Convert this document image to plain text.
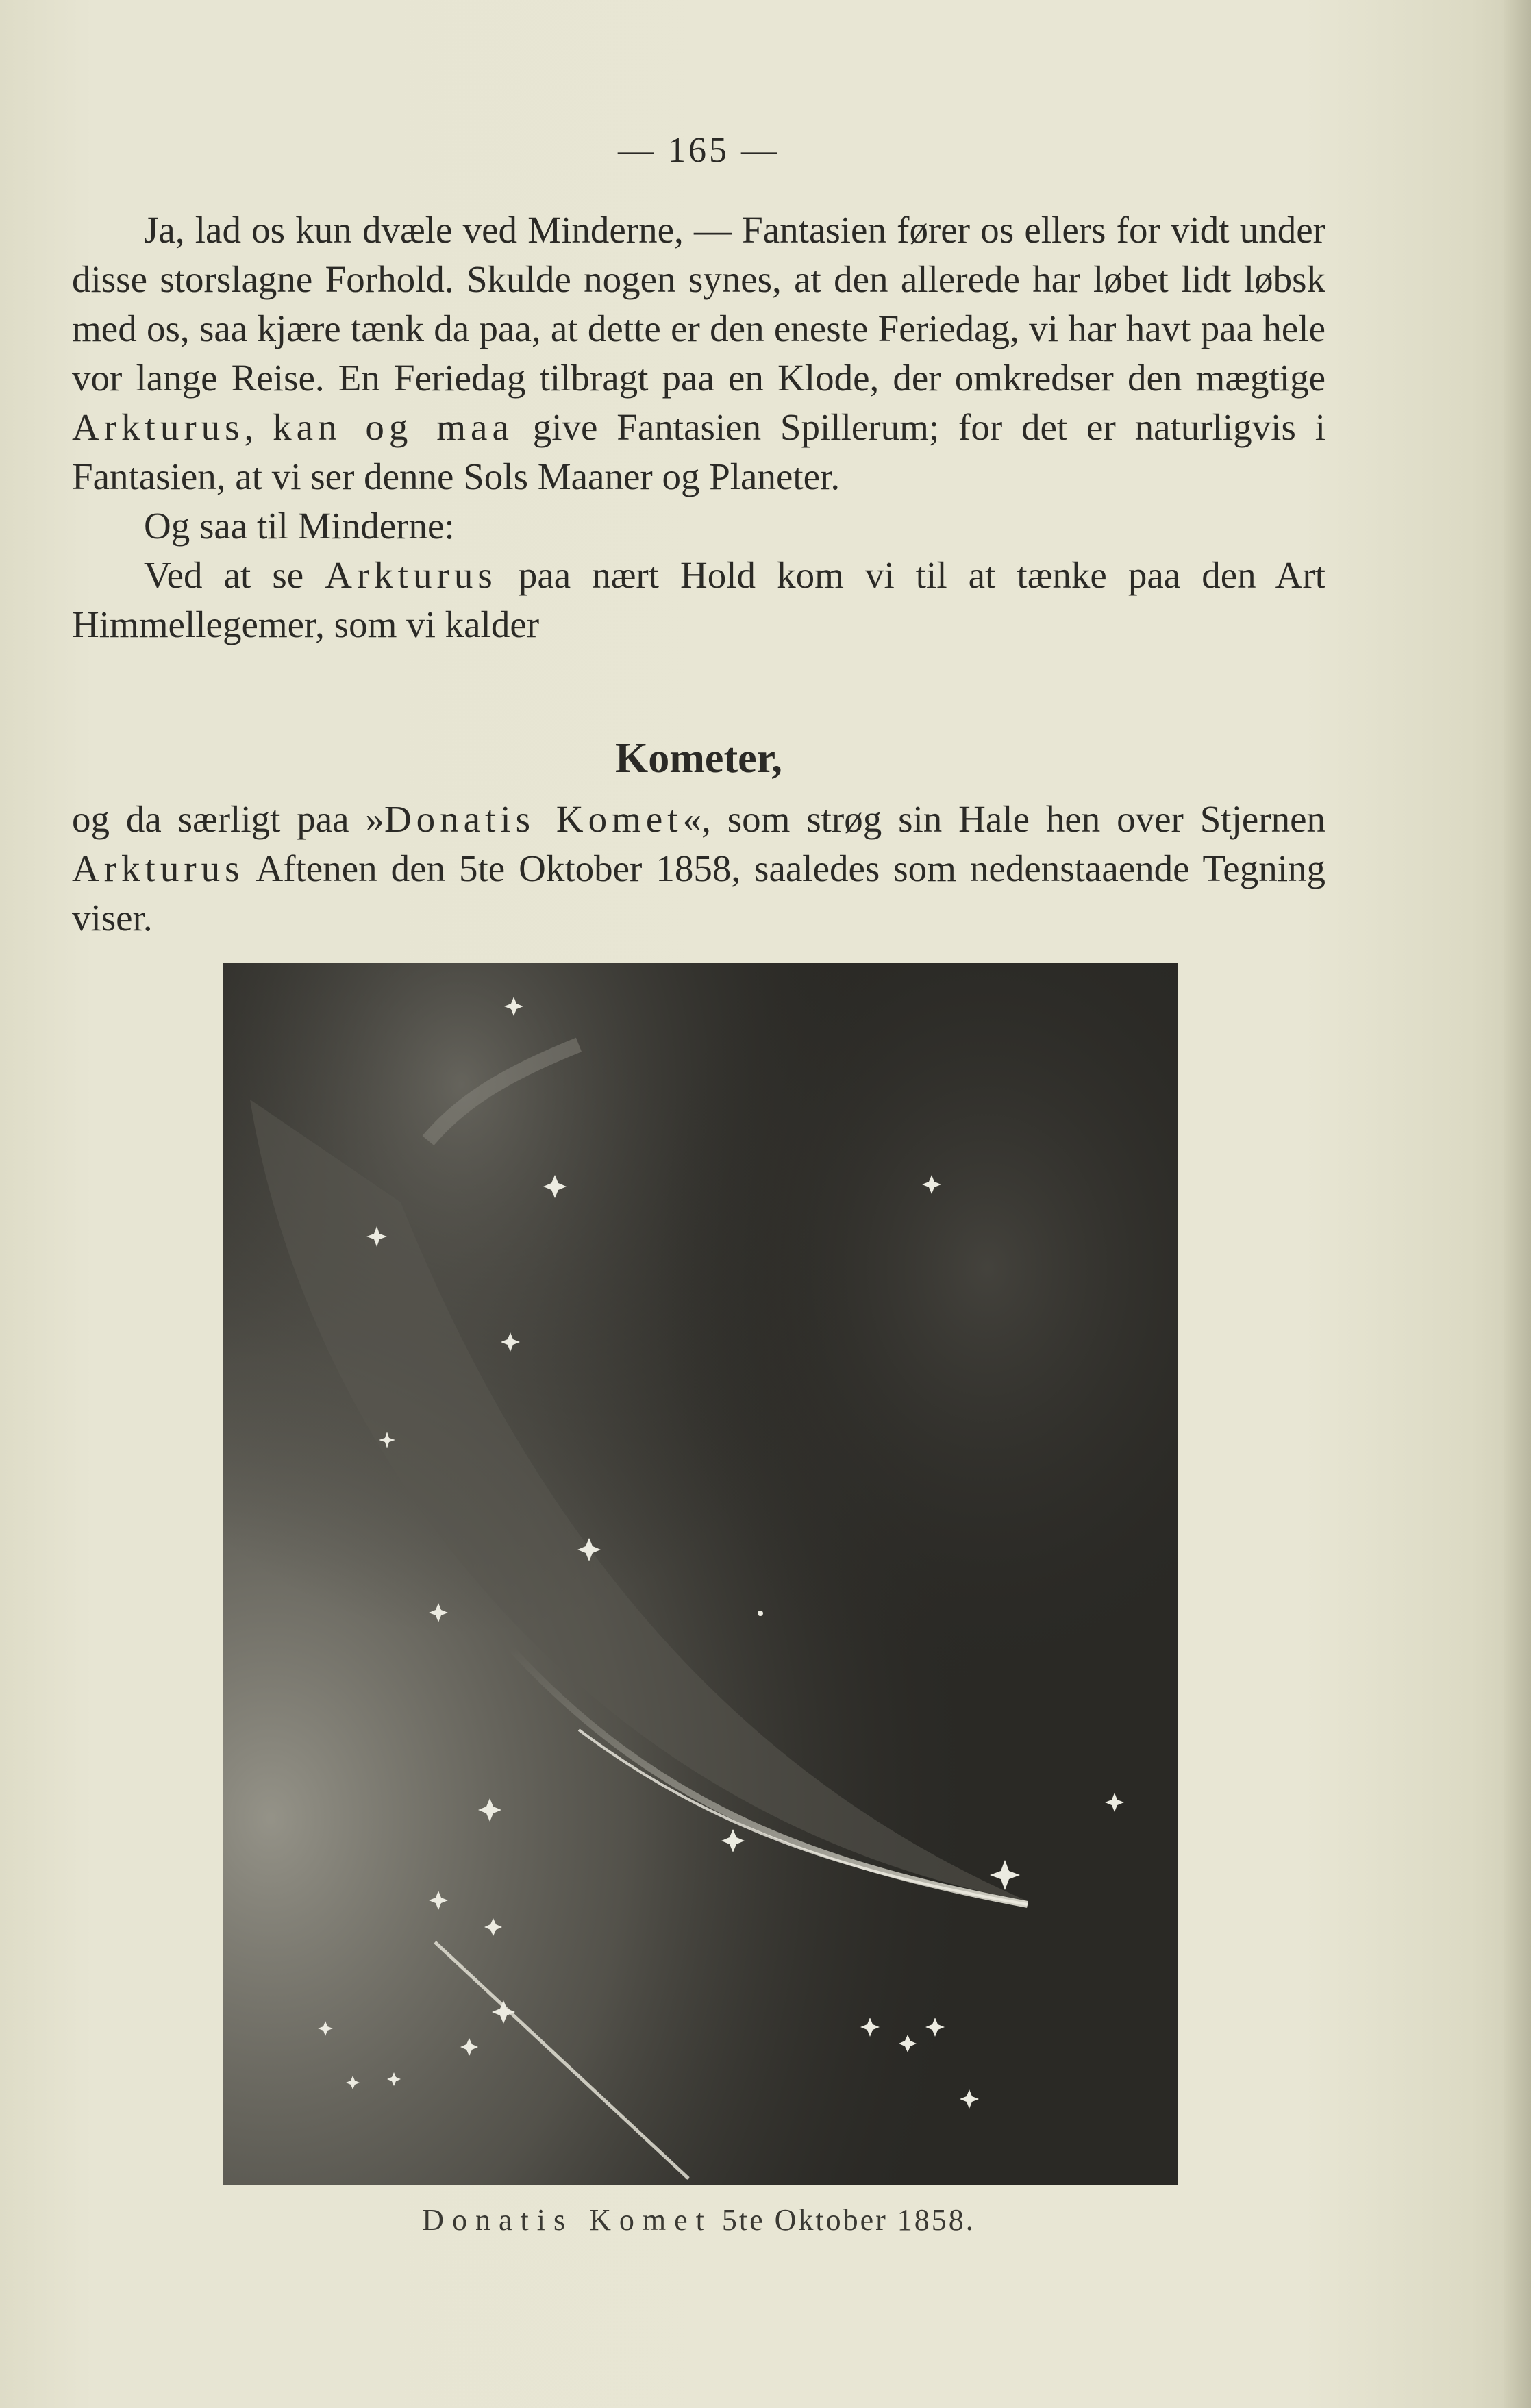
— 165 —

Ja, lad os kun dvæle ved Minderne, — Fantasien fører os ellers for vidt under disse storslagne Forhold. Skulde nogen synes, at den allerede har løbet lidt løbsk med os, saa kjære tænk da paa, at dette er den eneste Feriedag, vi har havt paa hele vor lange Reise. En Feriedag tilbragt paa en Klode, der omkredser den mægtige Arkturus, kan og maa give Fantasien Spillerum; for det er naturligvis i Fantasien, at vi ser denne Sols Maaner og Planeter.

Og saa til Minderne:

Ved at se Arkturus paa nært Hold kom vi til at tænke paa den Art Himmellegemer, som vi kalder

Kometer,

og da særligt paa »Donatis Komet«, som strøg sin Hale hen over Stjernen Arkturus Aftenen den 5te Oktober 1858, saaledes som nedenstaaende Tegning viser.

Donatis Komet 5te Oktober 1858.
